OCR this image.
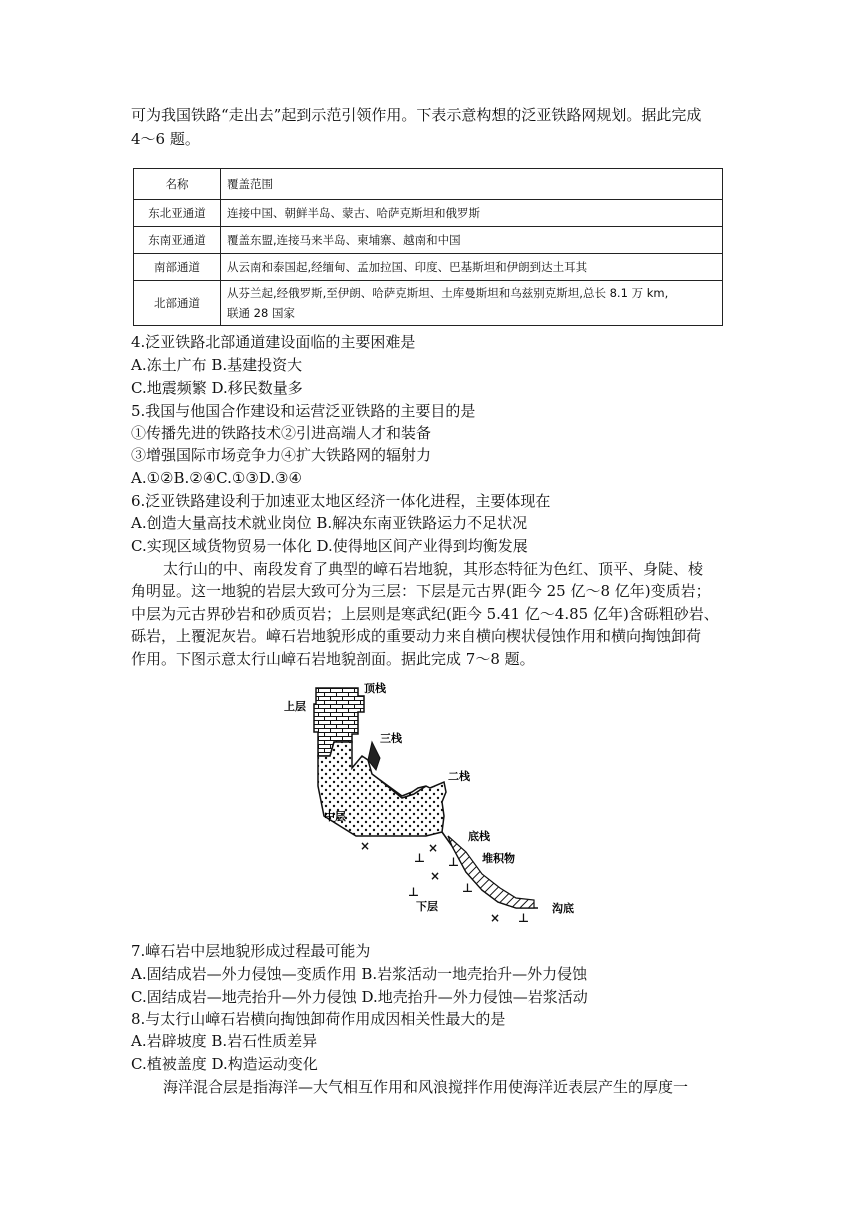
可为我国铁路“走出去”起到示范引领作用。下表示意构想的泛亚铁路网规划。据此完成
4～6 题。
名称	覆盖范围
东北亚通道	连接中国、朝鲜半岛、蒙古、哈萨克斯坦和俄罗斯
东南亚通道	覆盖东盟,连接马来半岛、柬埔寨、越南和中国
南部通道	从云南和泰国起,经缅甸、孟加拉国、印度、巴基斯坦和伊朗到达土耳其
北部通道	从芬兰起,经俄罗斯,至伊朗、哈萨克斯坦、土库曼斯坦和乌兹别克斯坦,总长 8.1 万 km,
联通 28 国家
4.泛亚铁路北部通道建设面临的主要困难是
A.冻土广布 B.基建投资大
C.地震频繁 D.移民数量多
5.我国与他国合作建设和运营泛亚铁路的主要目的是
①传播先进的铁路技术②引进高端人才和装备
③增强国际市场竞争力④扩大铁路网的辐射力
A.①②B.②④C.①③D.③④
6.泛亚铁路建设利于加速亚太地区经济一体化进程，主要体现在
A.创造大量高技术就业岗位 B.解决东南亚铁路运力不足状况
C.实现区域货物贸易一体化 D.使得地区间产业得到均衡发展
太行山的中、南段发育了典型的嶂石岩地貌，其形态特征为色红、顶平、身陡、棱
角明显。这一地貌的岩层大致可分为三层：下层是元古界(距今 25 亿～8 亿年)变质岩；
中层为元古界砂岩和砂质页岩；上层则是寒武纪(距今 5.41 亿～4.85 亿年)含砾粗砂岩、
砾岩，上覆泥灰岩。嶂石岩地貌形成的重要动力来自横向楔状侵蚀作用和横向掏蚀卸荷
作用。下图示意太行山嶂石岩地貌剖面。据此完成 7～8 题。
×	×
⊥ ⊥
×
⊥
⊥
× ⊥
顶栈
上层
三栈
二栈
中层
底栈
堆积物
下层	沟底
7.嶂石岩中层地貌形成过程最可能为
A.固结成岩—外力侵蚀—变质作用 B.岩浆活动一地壳抬升—外力侵蚀
C.固结成岩—地壳抬升—外力侵蚀 D.地壳抬升—外力侵蚀—岩浆活动
8.与太行山嶂石岩横向掏蚀卸荷作用成因相关性最大的是
A.岩辟坡度 B.岩石性质差异
C.植被盖度 D.构造运动变化
海洋混合层是指海洋—大气相互作用和风浪搅拌作用使海洋近表层产生的厚度一
